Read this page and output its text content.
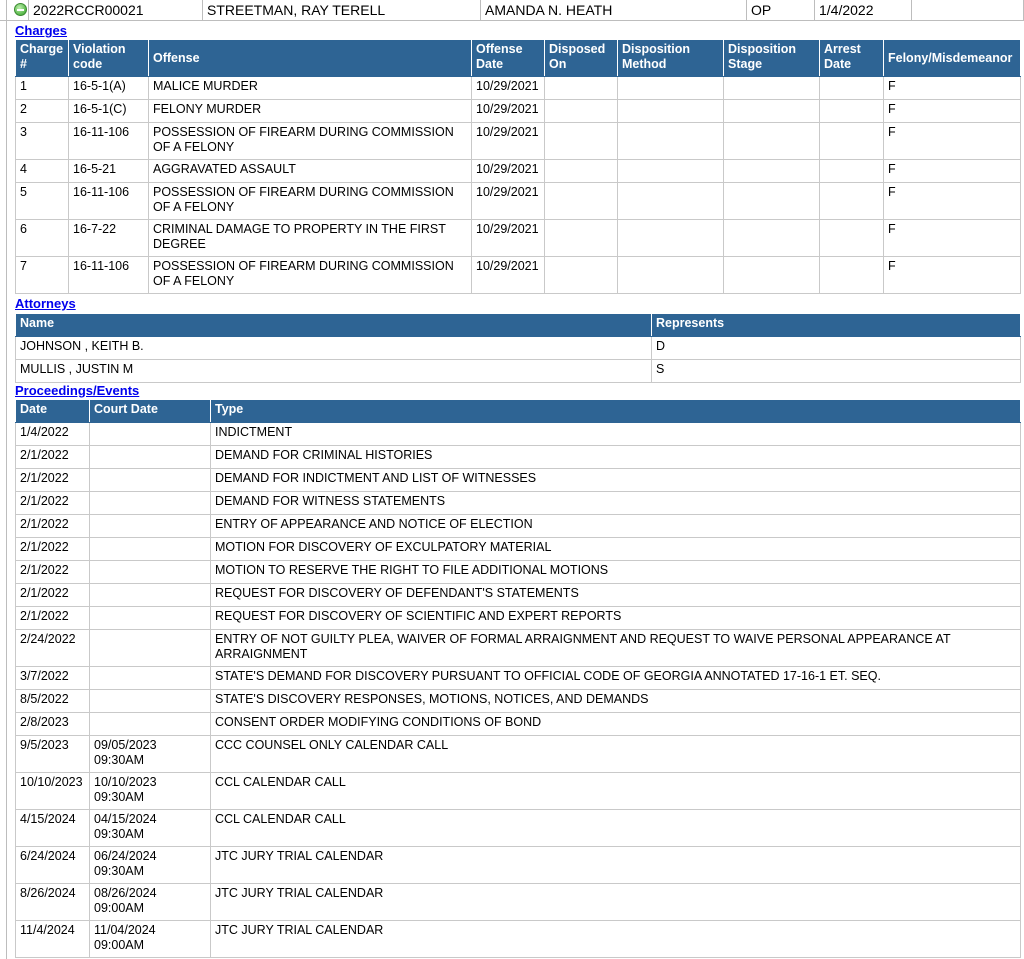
2022RCCR00021	STREETMAN, RAY TERELL	AMANDA N. HEATH	OP	1/4/2022
Charges
Charge #	Violation code	Offense	Offense Date	Disposed On	Disposition Method	Disposition Stage	Arrest Date	Felony/Misdemeanor
1	16-5-1(A)	MALICE MURDER	10/29/2021					F
2	16-5-1(C)	FELONY MURDER	10/29/2021					F
3	16-11-106	POSSESSION OF FIREARM DURING COMMISSION OF A FELONY	10/29/2021					F
4	16-5-21	AGGRAVATED ASSAULT	10/29/2021					F
5	16-11-106	POSSESSION OF FIREARM DURING COMMISSION OF A FELONY	10/29/2021					F
6	16-7-22	CRIMINAL DAMAGE TO PROPERTY IN THE FIRST DEGREE	10/29/2021					F
7	16-11-106	POSSESSION OF FIREARM DURING COMMISSION OF A FELONY	10/29/2021					F
Attorneys
Name	Represents
JOHNSON , KEITH B.	D
MULLIS , JUSTIN M	S
Proceedings/Events
Date	Court Date	Type
1/4/2022		INDICTMENT
2/1/2022		DEMAND FOR CRIMINAL HISTORIES
2/1/2022		DEMAND FOR INDICTMENT AND LIST OF WITNESSES
2/1/2022		DEMAND FOR WITNESS STATEMENTS
2/1/2022		ENTRY OF APPEARANCE AND NOTICE OF ELECTION
2/1/2022		MOTION FOR DISCOVERY OF EXCULPATORY MATERIAL
2/1/2022		MOTION TO RESERVE THE RIGHT TO FILE ADDITIONAL MOTIONS
2/1/2022		REQUEST FOR DISCOVERY OF DEFENDANT'S STATEMENTS
2/1/2022		REQUEST FOR DISCOVERY OF SCIENTIFIC AND EXPERT REPORTS
2/24/2022		ENTRY OF NOT GUILTY PLEA, WAIVER OF FORMAL ARRAIGNMENT AND REQUEST TO WAIVE PERSONAL APPEARANCE AT ARRAIGNMENT
3/7/2022		STATE'S DEMAND FOR DISCOVERY PURSUANT TO OFFICIAL CODE OF GEORGIA ANNOTATED 17-16-1 ET. SEQ.
8/5/2022		STATE'S DISCOVERY RESPONSES, MOTIONS, NOTICES, AND DEMANDS
2/8/2023		CONSENT ORDER MODIFYING CONDITIONS OF BOND
9/5/2023	09/05/2023 09:30AM	CCC COUNSEL ONLY CALENDAR CALL
10/10/2023	10/10/2023 09:30AM	CCL CALENDAR CALL
4/15/2024	04/15/2024 09:30AM	CCL CALENDAR CALL
6/24/2024	06/24/2024 09:30AM	JTC JURY TRIAL CALENDAR
8/26/2024	08/26/2024 09:00AM	JTC JURY TRIAL CALENDAR
11/4/2024	11/04/2024 09:00AM	JTC JURY TRIAL CALENDAR
